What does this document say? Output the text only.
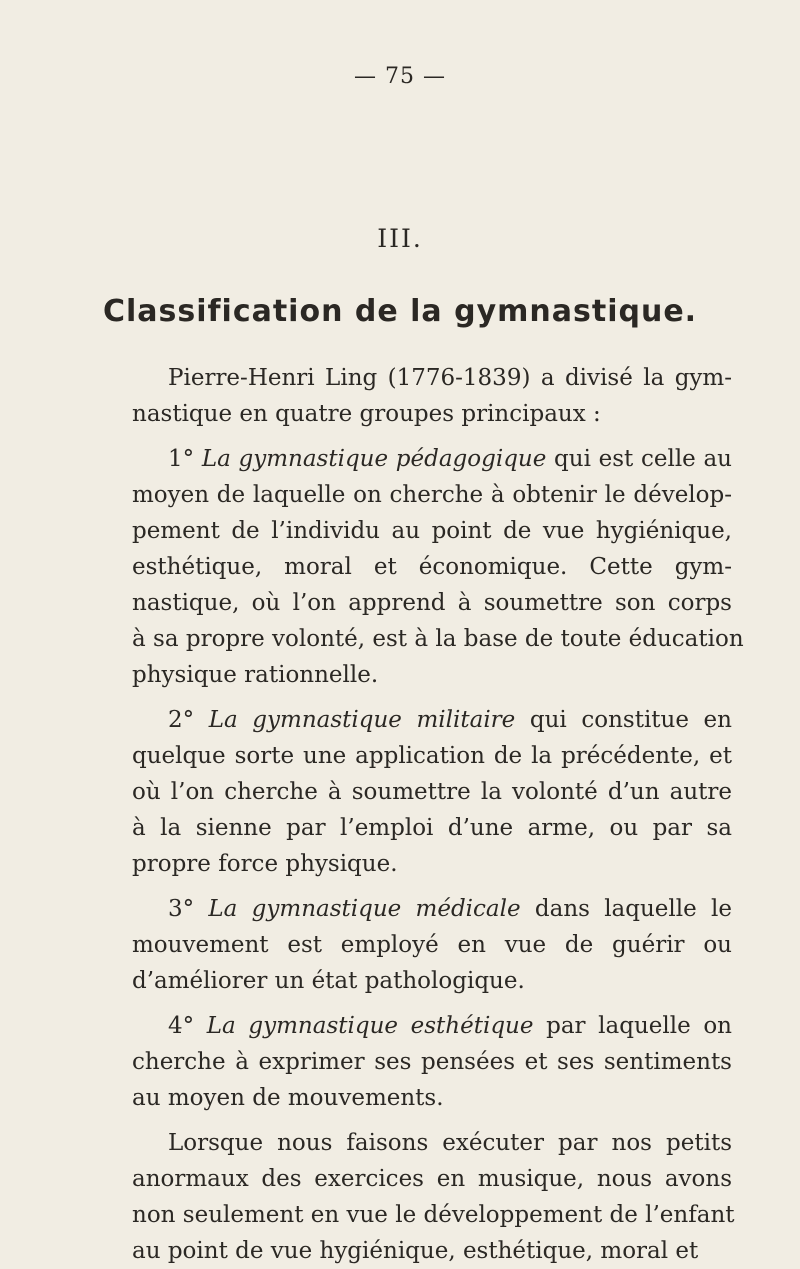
— 75 —
III.
Classification de la gymnastique.
Pierre-Henri Ling (1776-1839) a divisé la gym-
nastique en quatre groupes principaux :
1° La gymnastique pédagogique qui est celle au
moyen de laquelle on cherche à obtenir le dévelop-
pement de l’individu au point de vue hygiénique,
esthétique, moral et économique. Cette gym-
nastique, où l’on apprend à soumettre son corps
à sa propre volonté, est à la base de toute éducation
physique rationnelle.
2° La gymnastique militaire qui constitue en
quelque sorte une application de la précédente, et
où l’on cherche à soumettre la volonté d’un autre
à la sienne par l’emploi d’une arme, ou par sa
propre force physique.
3° La gymnastique médicale dans laquelle le
mouvement est employé en vue de guérir ou
d’améliorer un état pathologique.
4° La gymnastique esthétique par laquelle on
cherche à exprimer ses pensées et ses sentiments
au moyen de mouvements.
Lorsque nous faisons exécuter par nos petits
anormaux des exercices en musique, nous avons
non seulement en vue le développement de l’enfant
au point de vue hygiénique, esthétique, moral et
